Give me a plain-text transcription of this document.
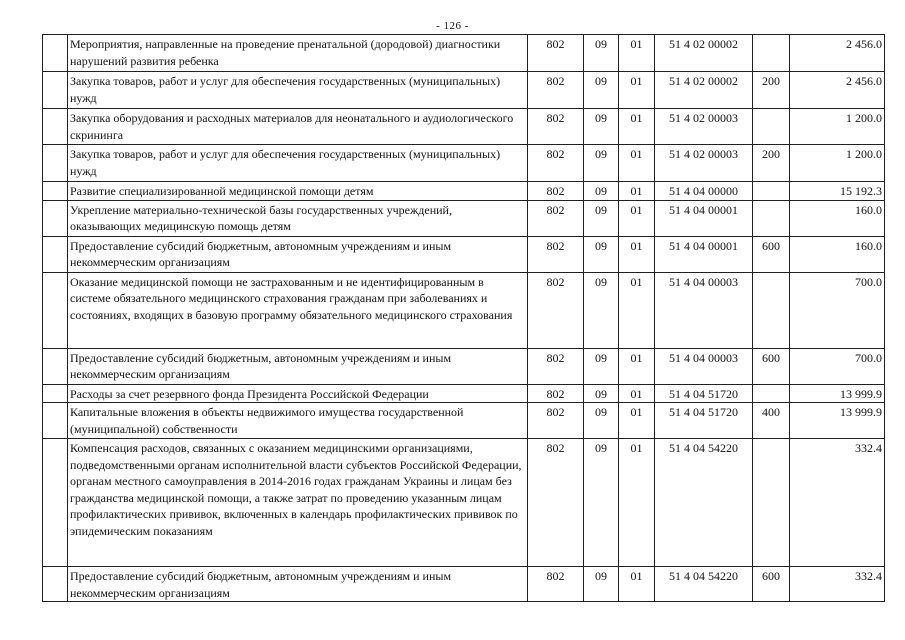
- 126 -
	Мероприятия, направленные на проведение пренатальной (дородовой) диагностики нарушений развития ребенка	802	09	01	51 4 02 00002		2 456.0
	Закупка товаров, работ и услуг для обеспечения государственных (муниципальных) нужд	802	09	01	51 4 02 00002	200	2 456.0
	Закупка оборудования и расходных материалов для неонатального и аудиологического скрининга	802	09	01	51 4 02 00003		1 200.0
	Закупка товаров, работ и услуг для обеспечения государственных (муниципальных) нужд	802	09	01	51 4 02 00003	200	1 200.0
	Развитие специализированной медицинской помощи детям	802	09	01	51 4 04 00000		15 192.3
	Укрепление материально-технической базы государственных учреждений, оказывающих медицинскую помощь детям	802	09	01	51 4 04 00001		160.0
	Предоставление субсидий бюджетным, автономным учреждениям и иным некоммерческим организациям	802	09	01	51 4 04 00001	600	160.0
	Оказание медицинской помощи не застрахованным и не идентифицированным в системе обязательного медицинского страхования гражданам при заболеваниях и состояниях, входящих в базовую программу обязательного медицинского страхования	802	09	01	51 4 04 00003		700.0
	Предоставление субсидий бюджетным, автономным учреждениям и иным некоммерческим организациям	802	09	01	51 4 04 00003	600	700.0
	Расходы за счет резервного фонда Президента Российской Федерации	802	09	01	51 4 04 51720		13 999.9
	Капитальные вложения в объекты недвижимого имущества государственной (муниципальной) собственности	802	09	01	51 4 04 51720	400	13 999.9
	Компенсация расходов, связанных с оказанием медицинскими организациями, подведомственными органам исполнительной власти субъектов Российской Федерации, органам местного самоуправления в 2014-2016 годах гражданам Украины и лицам без гражданства медицинской помощи, а также затрат по проведению указанным лицам профилактических прививок, включенных в календарь профилактических прививок по эпидемическим показаниям	802	09	01	51 4 04 54220		332.4
	Предоставление субсидий бюджетным, автономным учреждениям и иным некоммерческим организациям	802	09	01	51 4 04 54220	600	332.4
